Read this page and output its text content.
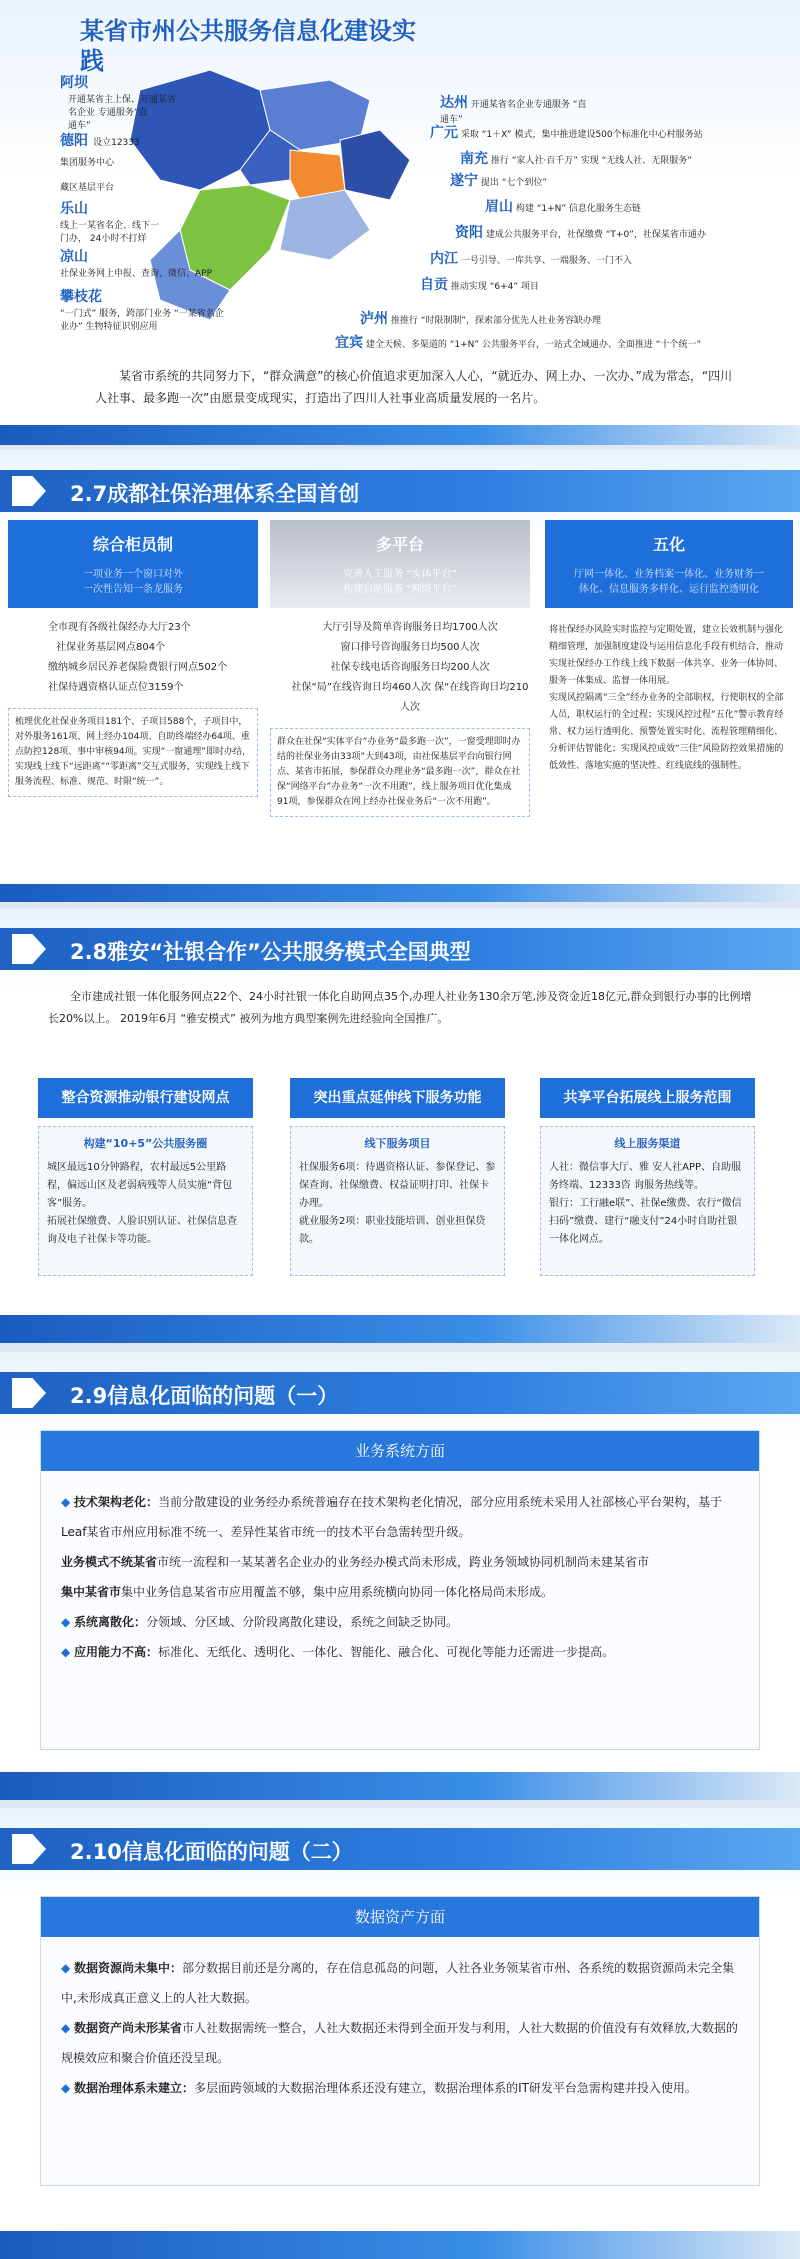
某省市州公共服务信息化建设实
践
阿坝
开通某省主上保、开通某省
名企业 专通服务“直
通车”
德阳 设立12333
集团服务中心
藏区基层平台
乐山
线上一某省名企、线下一
门办， 24小时不打烊
凉山
社保业务网上申报、查询、微信、APP
攀枝花
“一门式” 服务，跨部门业务 “一某省名企
业办” 生物特征识别应用
达州 开通某省名企业专通服务 “直
通车”
广元 采取 “1＋X” 模式，集中推进建设500个标准化中心村服务站
南充 推行 “家人社·百千万” 实现 “无线人社、无限服务”
遂宁 提出 “七个到位”
眉山 构建 “1+N” 信息化服务生态链
资阳 建成公共服务平台，社保缴费 “T+0”，社保某省市通办
内江 一号引导、一库共享、一端服务、一门不入
自贡 推动实现 “6+4” 项目
泸州 推推行 “时限制制”，探索部分优先人社业务容缺办理
宜宾 建全天候、多渠道的 “1+N” 公共服务平台，一站式全域通办、全面推进 “十个统一”
某省市系统的共同努力下，“群众满意”的核心价值追求更加深入人心，“就近办、网上办、一次办、”成为常态，“四川人社事、最多跑一次”由愿景变成现实，打造出了四川人社事业高质量发展的一名片。
2.7成都社保治理体系全国首创
综合柜员制
一项业务一个窗口对外
一次性告知一条龙服务
全市现有各级社保经办大厅23个
社保业务基层网点804个
缴纳城乡居民养老保险费银行网点502个
社保待遇资格认证点位3159个
梳理优化社保业务项目181个、子项目588个，子项目中，对外服务161项、网上经办104项、自助终端经办64项、重点防控128项、事中审核94项。实现“一窗通理”即时办结，实现线上线下“远距离”“零距离”交互式服务，实现线上线下服务流程、标准、规范、时限“统一”。
多平台
完善人工服务 “实体平台”
构建自助服务 “网络平台”
大厅引导及简单咨询服务日均1700人次
窗口排号咨询服务日均500人次
社保专线电话咨询服务日均200人次
社保“局”在线咨询日均460人次 保“在线咨询日均210人次
群众在社保“实体平台”办业务“最多跑一次”，一窗受理即时办结的社保业务由33项”大到43项，由社保基层平台向银行网点、某省市拓展，参保群众办理业务“最多跑一次”，群众在社保“网络平台”办业务“一次不用跑”，线上服务项目优化集成91项，参保群众在网上经办社保业务后“一次不用跑”。
五化
厅网一体化、业务档案一体化、业务财务一
体化、信息服务多样化、运行监控透明化
将社保经办风险实时监控与定期处置，建立长效机制与强化精细管理，加强制度建设与运用信息化手段有机结合，推动实现社保经办工作线上线下数据一体共享、业务一体协同、服务一体集成、监督一体用展。
实现风控隔离“三全”经办业务的全部职权，行使职权的全部人员，职权运行的全过程；实现风控过程“五化”警示教育经常、权力运行透明化、预警处置实时化、流程管理精细化、分析评估智能化；实现风控成效“三佳”风险防控效果措施的低效性、落地实施的坚决性、红线底线的强制性。
2.8雅安“社银合作”公共服务模式全国典型
全市建成社银一体化服务网点22个、24小时社银一体化自助网点35个,办理人社业务130余万笔,涉及资金近18亿元,群众到银行办事的比例增长20%以上。 2019年6月 “雅安模式” 被列为地方典型案例先进经验向全国推广。
整合资源推动银行建设网点	突出重点延伸线下服务功能	共享平台拓展线上服务范围
构建“10+5”公共服务圈
城区最远10分钟路程，农村最远5公里路程，偏远山区及老弱病残等人员实施“背包客”服务。
拓展社保缴费、人脸识别认证、社保信息查询及电子社保卡等功能。
线下服务项目
社保服务6项：待遇资格认证、参保登记、参保查询、社保缴费、权益证明打印、社保卡办理。
就业服务2项：职业技能培训、创业担保贷款。
线上服务渠道
人社：微信事大厅、雅 安人社APP、自助服务终端、12333咨 询服务热线等。
银行：工行融e联”、社保e缴费、农行“微信扫码”缴费、建行“融支付”24小时自助社银一体化网点。
2.9信息化面临的问题（一）
业务系统方面
◆ 技术架构老化：当前分散建设的业务经办系统普遍存在技术架构老化情况，部分应用系统未采用人社部核心平台架构，基于Leaf某省市州应用标准不统一、差异性某省市统一的技术平台急需转型升级。
业务模式不统某省市统一流程和一某某著名企业办的业务经办模式尚未形成，跨业务领域协同机制尚未建某省市
集中某省市集中业务信息某省市应用覆盖不够，集中应用系统横向协同一体化格局尚未形成。
◆ 系统离散化：分领域、分区域、分阶段离散化建设，系统之间缺乏协同。
◆ 应用能力不高：标准化、无纸化、透明化、一体化、智能化、融合化、可视化等能力还需进一步提高。
2.10信息化面临的问题（二）
数据资产方面
◆ 数据资源尚未集中：部分数据目前还是分离的，存在信息孤岛的问题，人社各业务领某省市州、各系统的数据资源尚未完全集中,未形成真正意义上的人社大数据。
◆ 数据资产尚未形某省市人社数据需统一整合，人社大数据还未得到全面开发与利用，人社大数据的价值没有有效释放,大数据的规模效应和聚合价值还没呈现。
◆ 数据治理体系未建立：多层面跨领域的大数据治理体系还没有建立，数据治理体系的IT研发平台急需构建并投入使用。
